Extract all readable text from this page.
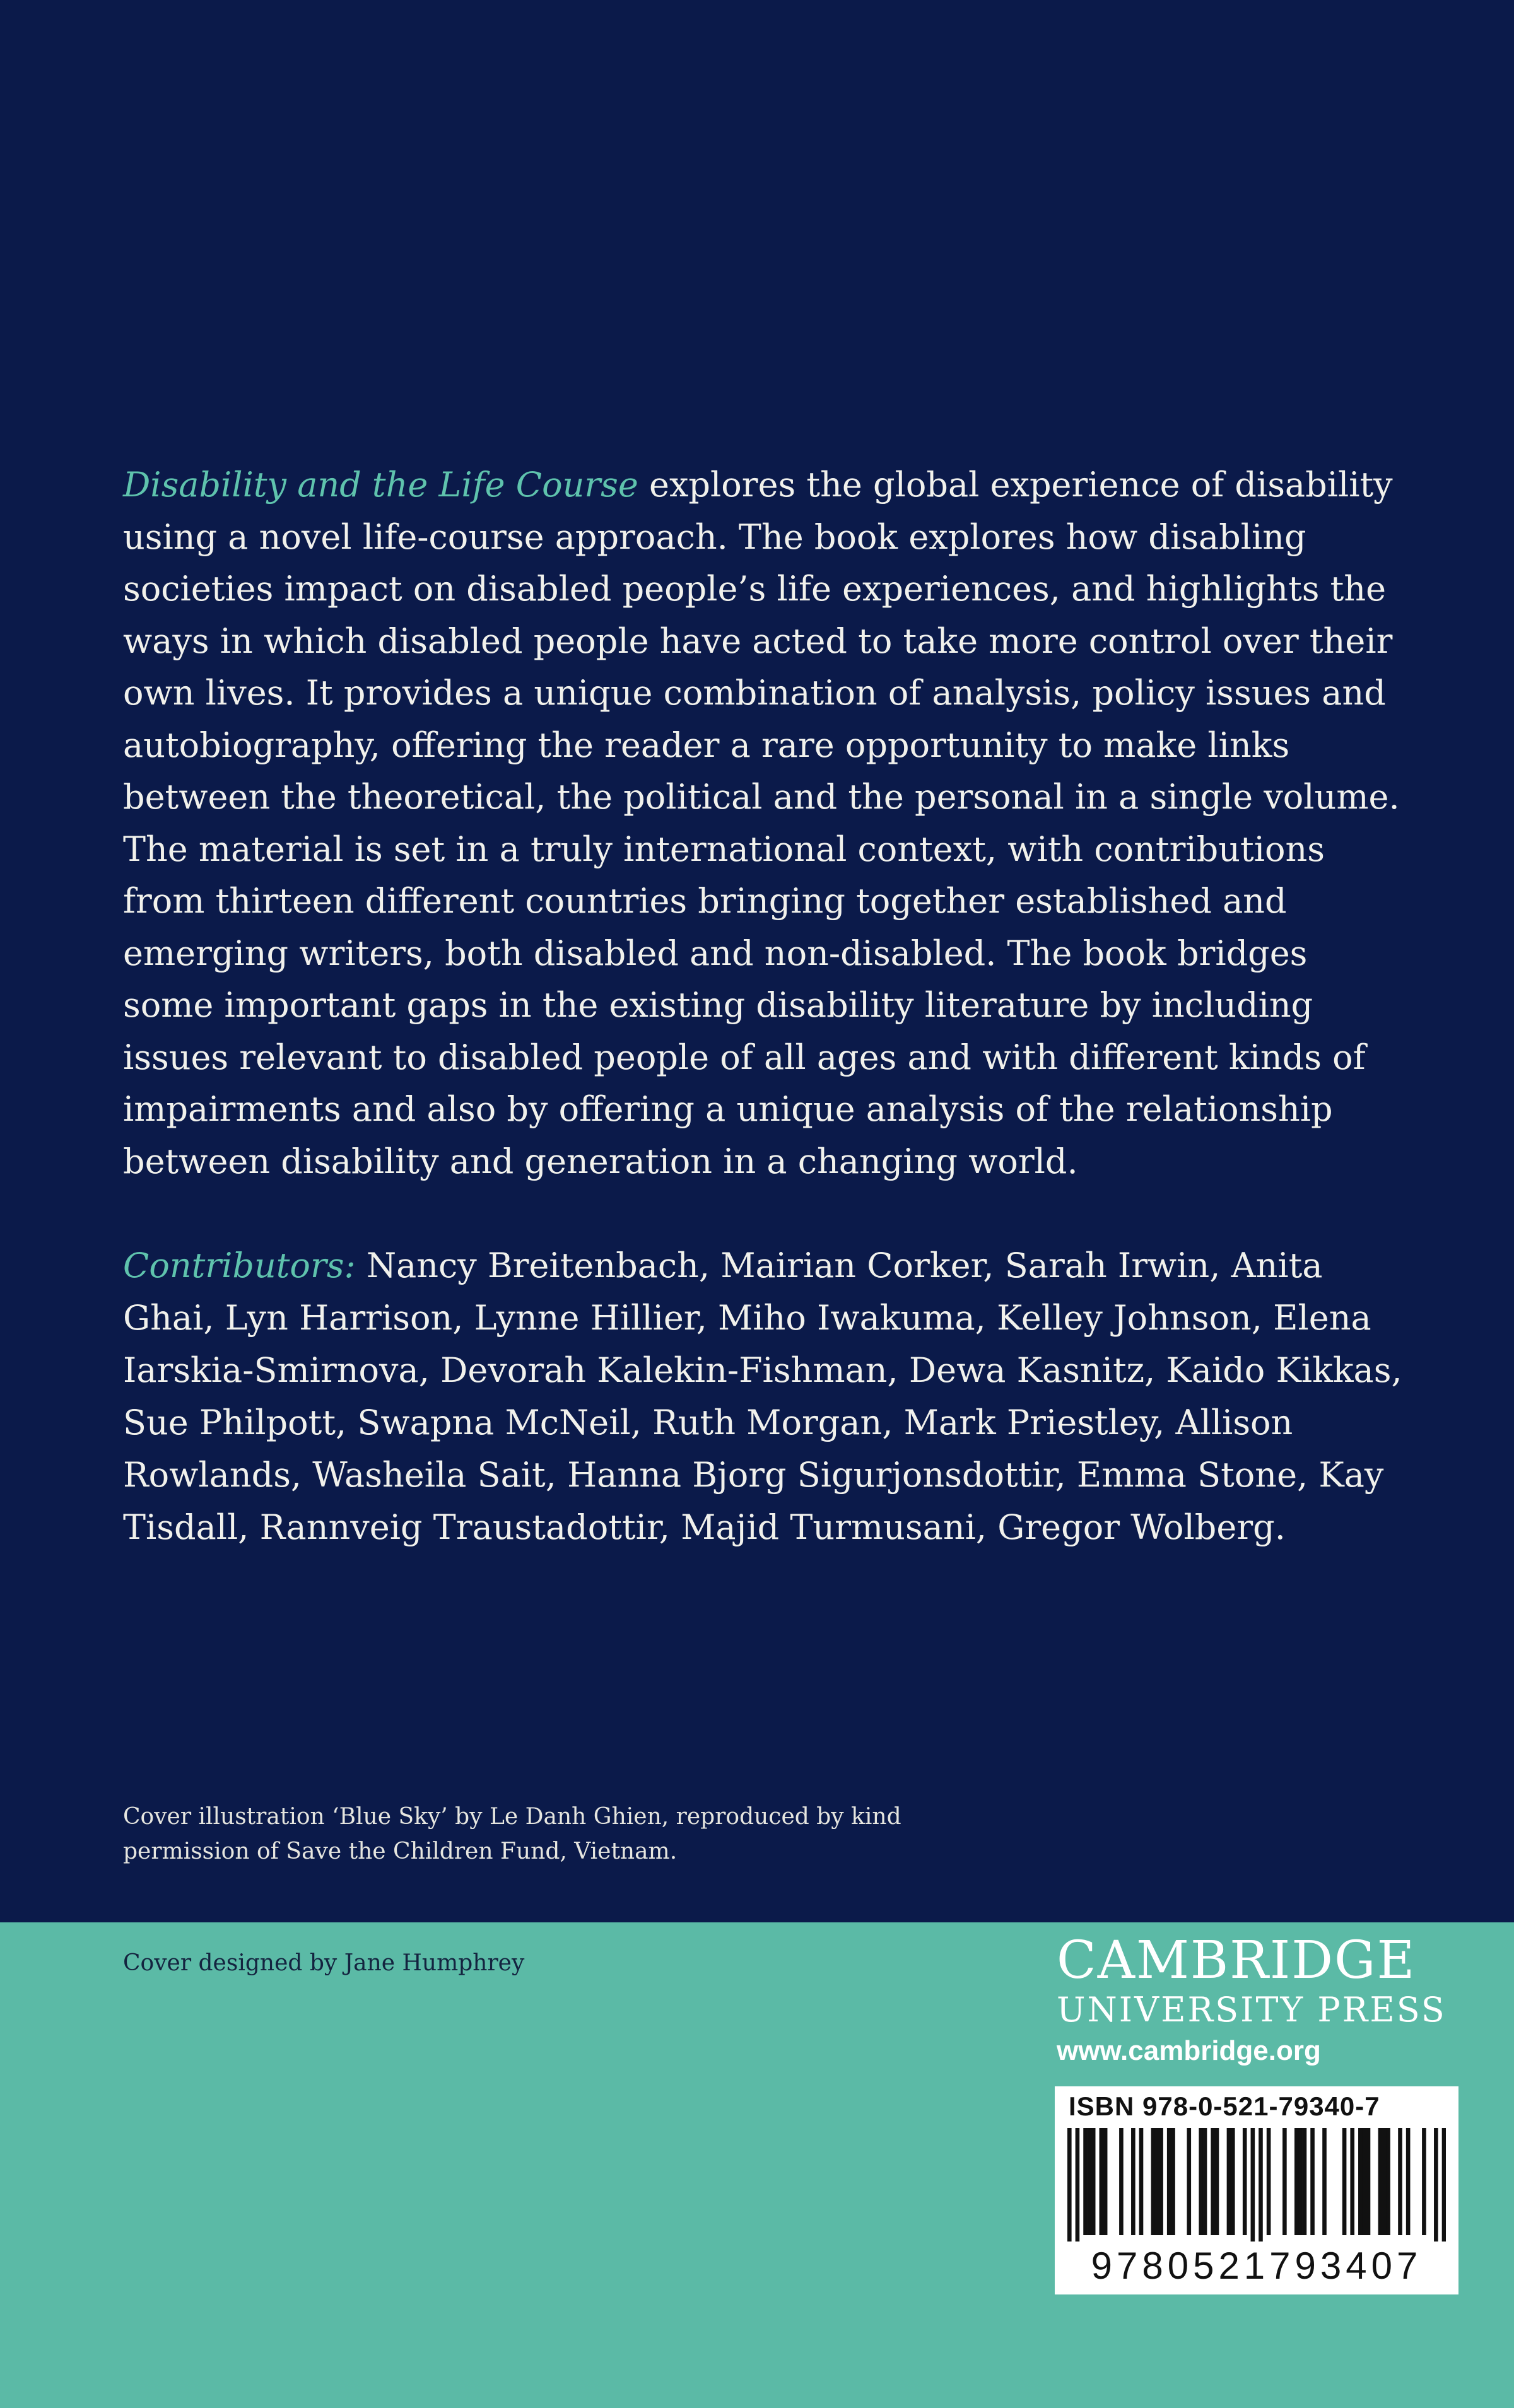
Disability and the Life Course explores the global experience of disability using a novel life-course approach. The book explores how disabling societies impact on disabled people’s life experiences, and highlights the ways in which disabled people have acted to take more control over their own lives. It provides a unique combination of analysis, policy issues and autobiography, offering the reader a rare opportunity to make links between the theoretical, the political and the personal in a single volume. The material is set in a truly international context, with contributions from thirteen different countries bringing together established and emerging writers, both disabled and non-disabled. The book bridges some important gaps in the existing disability literature by including issues relevant to disabled people of all ages and with different kinds of impairments and also by offering a unique analysis of the relationship between disability and generation in a changing world.

Contributors: Nancy Breitenbach, Mairian Corker, Sarah Irwin, Anita Ghai, Lyn Harrison, Lynne Hillier, Miho Iwakuma, Kelley Johnson, Elena Iarskia-Smirnova, Devorah Kalekin-Fishman, Dewa Kasnitz, Kaido Kikkas, Sue Philpott, Swapna McNeil, Ruth Morgan, Mark Priestley, Allison Rowlands, Washeila Sait, Hanna Bjorg Sigurjonsdottir, Emma Stone, Kay Tisdall, Rannveig Traustadottir, Majid Turmusani, Gregor Wolberg.

Cover illustration ‘Blue Sky’ by Le Danh Ghien, reproduced by kind permission of Save the Children Fund, Vietnam.

Cover designed by Jane Humphrey	CAMBRIDGE
UNIVERSITY PRESS
www.cambridge.org
ISBN 978-0-521-79340-7
9780521793407
